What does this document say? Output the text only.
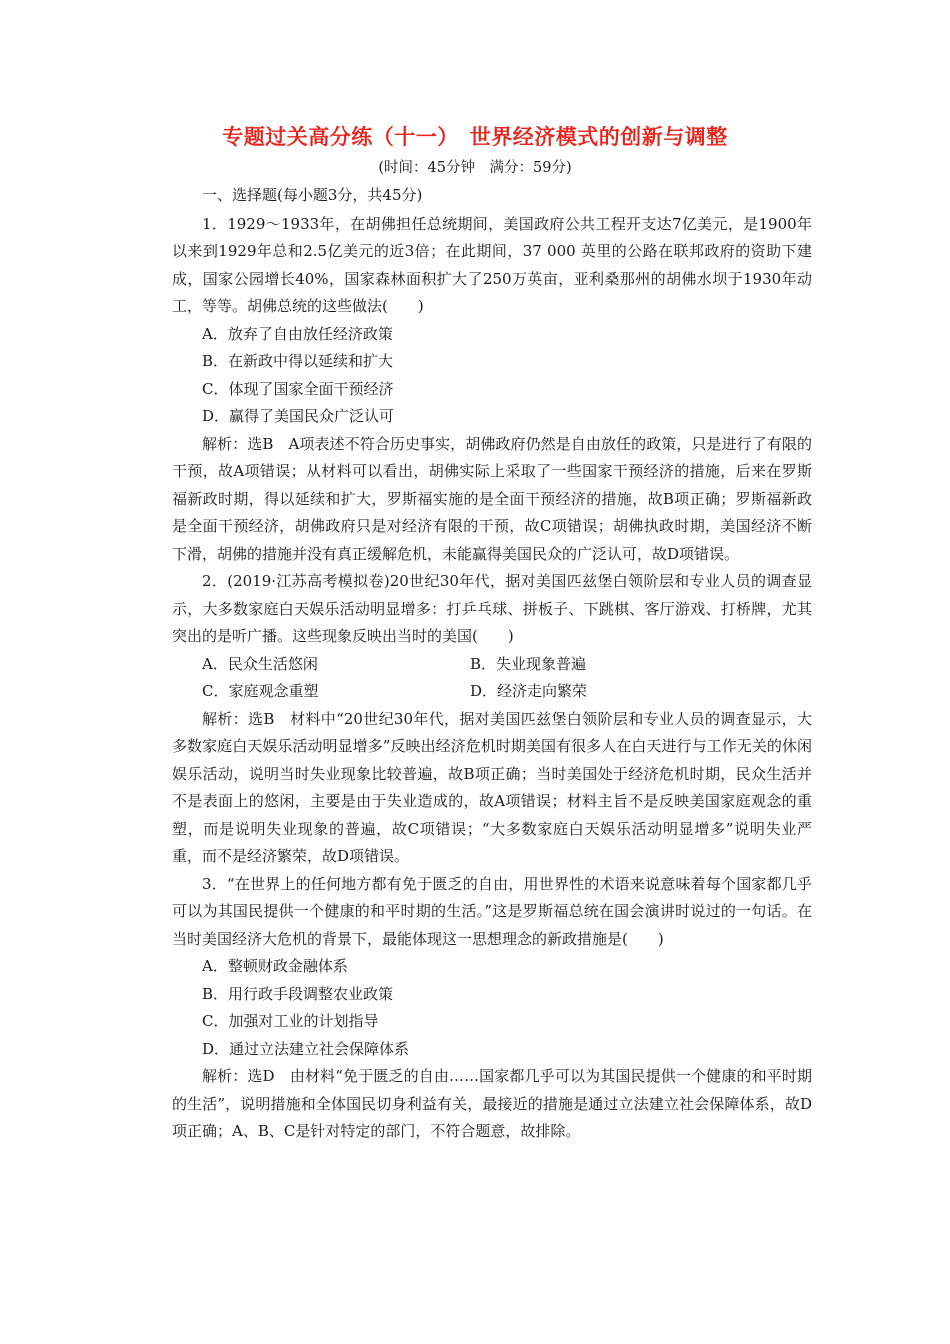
专题过关高分练（十一）　世界经济模式的创新与调整
(时间：45分钟　满分：59分)

一、选择题(每小题3分，共45分)

1．1929～1933年，在胡佛担任总统期间，美国政府公共工程开支达7亿美元，是1900年以来到1929年总和2.5亿美元的近3倍；在此期间，37 000 英里的公路在联邦政府的资助下建成，国家公园增长40%，国家森林面积扩大了250万英亩，亚利桑那州的胡佛水坝于1930年动工，等等。胡佛总统的这些做法(　　)

A．放弃了自由放任经济政策

B．在新政中得以延续和扩大

C．体现了国家全面干预经济

D．赢得了美国民众广泛认可

解析：选B　A项表述不符合历史事实，胡佛政府仍然是自由放任的政策，只是进行了有限的干预，故A项错误；从材料可以看出，胡佛实际上采取了一些国家干预经济的措施，后来在罗斯福新政时期，得以延续和扩大，罗斯福实施的是全面干预经济的措施，故B项正确；罗斯福新政是全面干预经济，胡佛政府只是对经济有限的干预，故C项错误；胡佛执政时期，美国经济不断下滑，胡佛的措施并没有真正缓解危机，未能赢得美国民众的广泛认可，故D项错误。

2．(2019·江苏高考模拟卷)20世纪30年代，据对美国匹兹堡白领阶层和专业人员的调查显示，大多数家庭白天娱乐活动明显增多：打乒乓球、拼板子、下跳棋、客厅游戏、打桥牌，尤其突出的是听广播。这些现象反映出当时的美国(　　)

A．民众生活悠闲	B．失业现象普遍
C．家庭观念重塑	D．经济走向繁荣

解析：选B　材料中“20世纪30年代，据对美国匹兹堡白领阶层和专业人员的调查显示，大多数家庭白天娱乐活动明显增多”反映出经济危机时期美国有很多人在白天进行与工作无关的休闲娱乐活动，说明当时失业现象比较普遍，故B项正确；当时美国处于经济危机时期，民众生活并不是表面上的悠闲，主要是由于失业造成的，故A项错误；材料主旨不是反映美国家庭观念的重塑，而是说明失业现象的普遍，故C项错误；“大多数家庭白天娱乐活动明显增多”说明失业严重，而不是经济繁荣，故D项错误。

3．“在世界上的任何地方都有免于匮乏的自由，用世界性的术语来说意味着每个国家都几乎可以为其国民提供一个健康的和平时期的生活。”这是罗斯福总统在国会演讲时说过的一句话。在当时美国经济大危机的背景下，最能体现这一思想理念的新政措施是(　　)

A．整顿财政金融体系

B．用行政手段调整农业政策

C．加强对工业的计划指导

D．通过立法建立社会保障体系

解析：选D　由材料“免于匮乏的自由……国家都几乎可以为其国民提供一个健康的和平时期的生活”，说明措施和全体国民切身利益有关，最接近的措施是通过立法建立社会保障体系，故D项正确；A、B、C是针对特定的部门，不符合题意，故排除。
